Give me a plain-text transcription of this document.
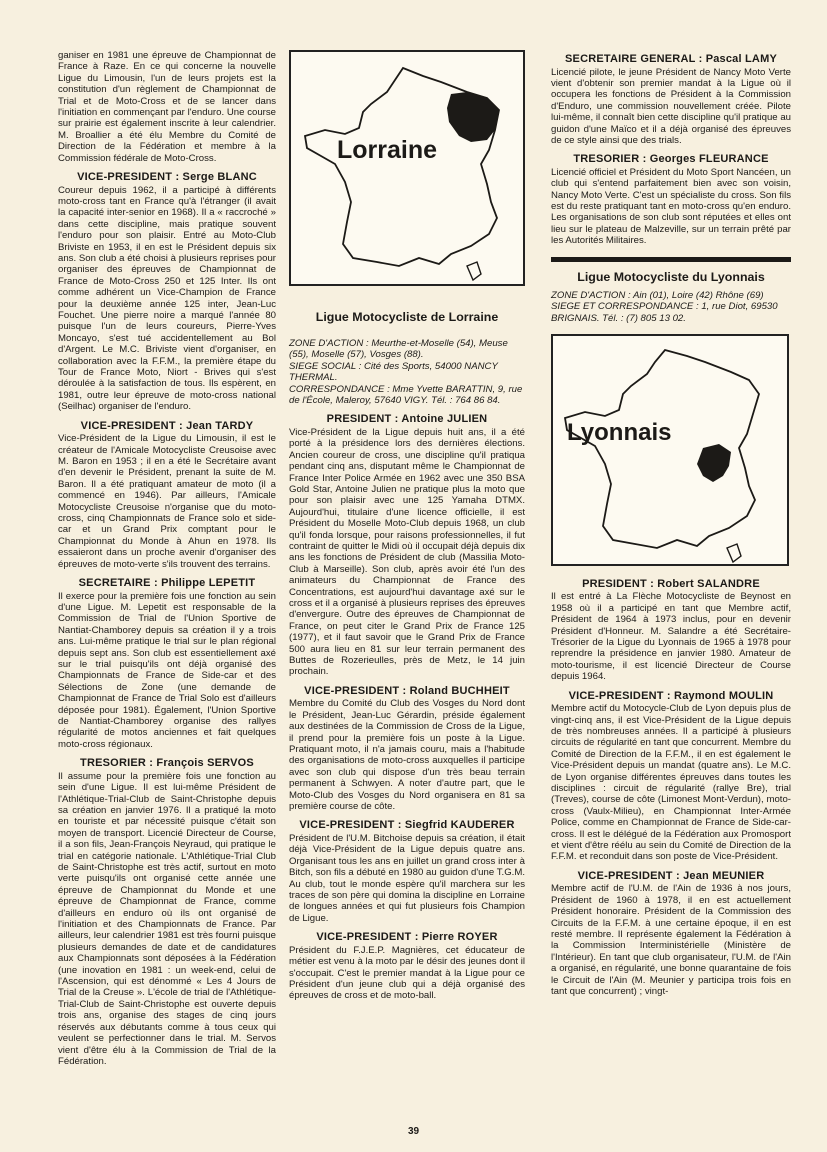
ganiser en 1981 une épreuve de Championnat de France à Raze. En ce qui concerne la nouvelle Ligue du Limousin, l'un de leurs projets est la constitution d'un règlement de Championnat de Trial et de Moto-Cross et de se lancer dans l'initiation en commençant par l'enduro. Une course sur prairie est également inscrite à leur calendrier. M. Broallier a été élu Membre du Comité de Direction de la Fédération et membre à la Commission fédérale de Moto-Cross.

VICE-PRESIDENT : Serge BLANC

Coureur depuis 1962, il a participé à différents moto-cross tant en France qu'à l'étranger (il avait la capacité inter-senior en 1968). Il a « raccroché » dans cette discipline, mais pratique souvent l'enduro pour son plaisir. Entré au Moto-Club Briviste en 1953, il en est le Président depuis six ans. Son club a été choisi à plusieurs reprises pour organiser des épreuves de Championnat de France de Moto-Cross 250 et 125 Inter. Ils ont comme adhérent un Vice-Champion de France pour la deuxième année 125 inter, Jean-Luc Fouchet. Une pierre noire a marqué l'année 80 puisque l'un de leurs coureurs, Pierre-Yves Moncayo, s'est tué accidentellement au Bol d'Argent. Le M.C. Briviste vient d'organiser, en collaboration avec la F.F.M., la première étape du Tour de France Moto, Niort - Brives qui s'est déroulée à la satisfaction de tous. Ils espèrent, en 1981, outre leur épreuve de moto-cross national (Seilhac) organiser de l'enduro.

VICE-PRESIDENT : Jean TARDY

Vice-Président de la Ligue du Limousin, il est le créateur de l'Amicale Motocycliste Creusoise avec M. Baron en 1953 ; il en a été le Secrétaire avant d'en devenir le Président, prenant la suite de M. Baron. Il a été pratiquant amateur de moto (il a commencé en 1946). Par ailleurs, l'Amicale Motocycliste Creusoise n'organise que du moto-cross, cinq Championnats de France solo et side-car et un Grand Prix comptant pour le Championnat du Monde à Ahun en 1978. Ils essaieront dans un proche avenir d'organiser des épreuves de moto-verte s'ils trouvent des terrains.

SECRETAIRE : Philippe LEPETIT

Il exerce pour la première fois une fonction au sein d'une Ligue. M. Lepetit est responsable de la Commission de Trial de l'Union Sportive de Nantiat-Chamborey depuis sa création il y a trois ans. Lui-même pratique le trial sur le plan régional depuis sept ans. Son club est essentiellement axé sur le trial puisqu'ils ont déjà organisé des Championnats de France de Side-car et des Sélections de Zone (une demande de Championnat de France de Trial Solo est d'ailleurs déposée pour 1981). Également, l'Union Sportive de Nantiat-Chamborey organise des rallyes régularité de motos anciennes et fait quelques moto-cross régionaux.

TRESORIER : François SERVOS

Il assume pour la première fois une fonction au sein d'une Ligue. Il est lui-même Président de l'Athlétique-Trial-Club de Saint-Christophe depuis sa création en janvier 1976. Il a pratiqué la moto en touriste et par nécessité puisque c'était son moyen de transport. Licencié Directeur de Course, il a son fils, Jean-François Neyraud, qui pratique le trial en catégorie nationale. L'Athlétique-Trial Club de Saint-Christophe est très actif, surtout en moto verte puisqu'ils ont organisé cette année une épreuve de Championnat du Monde et une épreuve de Championnat de France, comme d'ailleurs en enduro où ils ont organisé de l'initiation et des Championnats de France. Par ailleurs, leur calendrier 1981 est très fourni puisque plusieurs demandes de date et de candidatures aux Championnats sont déposées à la Fédération (une inovation en 1981 : un week-end, celui de l'Ascension, qui est dénommé « Les 4 Jours de Trial de la Creuse ». L'école de trial de l'Athlétique-Trial-Club de Saint-Christophe est ouverte depuis trois ans, organise des stages de cinq jours réservés aux débutants comme à tous ceux qui veulent se perfectionner dans le trial. M. Servos vient d'être élu à la Commission de Trial de la Fédération.

Lorraine
Ligue Motocycliste de Lorraine

ZONE D'ACTION : Meurthe-et-Moselle (54), Meuse (55), Moselle (57), Vosges (88).
SIEGE SOCIAL : Cité des Sports, 54000 NANCY THERMAL.
CORRESPONDANCE : Mme Yvette BARATTIN, 9, rue de l'École, Maleroy, 57640 VIGY. Tél. : 764 86 84.

PRESIDENT : Antoine JULIEN

Vice-Président de la Ligue depuis huit ans, il a été porté à la présidence lors des dernières élections. Ancien coureur de cross, une discipline qu'il pratiqua pendant cinq ans, disputant même le Championnat de France Inter Police Armée en 1962 avec une 350 BSA Gold Star, Antoine Julien ne pratique plus la moto que pour son plaisir avec une 125 Yamaha DTMX. Aujourd'hui, titulaire d'une licence officielle, il est Président du Moselle Moto-Club depuis 1968, un club qu'il fonda lorsque, pour raisons professionnelles, il fut contraint de quitter le Midi où il occupait déjà depuis dix ans les fonctions de Président de club (Massilia Moto-Club à Marseille). Son club, après avoir été l'un des animateurs du Championnat de France des Concentrations, est aujourd'hui davantage axé sur le cross et il a organisé à plusieurs reprises des épreuves d'envergure. Outre des épreuves de Championnat de France, on peut citer le Grand Prix de France 125 (1977), et il faut savoir que le Grand Prix de France 500 aura lieu en 81 sur leur terrain permanent des Buttes de Rozerieulles, près de Metz, le 14 juin prochain.

VICE-PRESIDENT : Roland BUCHHEIT

Membre du Comité du Club des Vosges du Nord dont le Président, Jean-Luc Gérardin, préside également aux destinées de la Commission de Cross de la Ligue, il prend pour la première fois un poste à la Ligue. Pratiquant moto, il n'a jamais couru, mais a l'habitude des organisations de moto-cross auxquelles il participe avec son club qui dispose d'un très beau terrain permanent à Schwyen. A noter d'autre part, que le Moto-Club des Vosges du Nord organisera en 81 sa première course de côte.

VICE-PRESIDENT : Siegfrid KAUDERER

Président de l'U.M. Bitchoise depuis sa création, il était déjà Vice-Président de la Ligue depuis quatre ans. Organisant tous les ans en juillet un grand cross inter à Bitch, son fils a débuté en 1980 au guidon d'une T.G.M. Au club, tout le monde espère qu'il marchera sur les traces de son père qui domina la discipline en Lorraine de longues années et qui fut plusieurs fois Champion de Ligue.

VICE-PRESIDENT : Pierre ROYER

Président du F.J.E.P. Magnières, cet éducateur de métier est venu à la moto par le désir des jeunes dont il s'occupait. C'est le premier mandat à la Ligue pour ce Président d'un jeune club qui a déjà organisé des épreuves de cross et de moto-ball.

SECRETAIRE GENERAL : Pascal LAMY

Licencié pilote, le jeune Président de Nancy Moto Verte vient d'obtenir son premier mandat à la Ligue où il occupera les fonctions de Président à la Commission d'Enduro, une commission nouvellement créée. Pilote lui-même, il connaît bien cette discipline qu'il pratique au guidon d'une Maïco et il a déjà organisé des épreuves de ce style ainsi que des trials.

TRESORIER : Georges FLEURANCE

Licencié officiel et Président du Moto Sport Nancéen, un club qui s'entend parfaitement bien avec son voisin, Nancy Moto Verte. C'est un spécialiste du cross. Son fils est du reste pratiquant tant en moto-cross qu'en enduro. Les organisations de son club sont réputées et elles ont lieu sur le plateau de Malzeville, sur un terrain prêté par les Autorités Militaires.

Ligue Motocycliste du Lyonnais

ZONE D'ACTION : Ain (01), Loire (42) Rhône (69)
SIEGE ET CORRESPONDANCE : 1, rue Diot, 69530 BRIGNAIS. Tél. : (7) 805 13 02.

Lyonnais
PRESIDENT : Robert SALANDRE

Il est entré à La Flèche Motocycliste de Beynost en 1958 où il a participé en tant que Membre actif, Président de 1964 à 1973 inclus, pour en devenir Président d'Honneur. M. Salandre a été Secrétaire-Trésorier de la Ligue du Lyonnais de 1965 à 1978 pour reprendre la présidence en janvier 1980. Amateur de moto-tourisme, il est licencié Directeur de Course depuis 1964.

VICE-PRESIDENT : Raymond MOULIN

Membre actif du Motocycle-Club de Lyon depuis plus de vingt-cinq ans, il est Vice-Président de la Ligue depuis de très nombreuses années. Il a participé à plusieurs circuits de régularité en tant que concurrent. Membre du Comité de Direction de la F.F.M., il en est également le Vice-Président depuis un mandat (quatre ans). Le M.C. de Lyon organise différentes épreuves dans toutes les disciplines : circuit de régularité (rallye Bre), trial (Treves), course de côte (Limonest Mont-Verdun), moto-cross (Vaulx-Milieu), en Championnat Inter-Armée Police, comme en Championnat de France de Side-car-cross. Il est le délégué de la Fédération aux Promosport et vient d'être réélu au sein du Comité de Direction de la F.F.M. et reconduit dans son poste de Vice-Président.

VICE-PRESIDENT : Jean MEUNIER

Membre actif de l'U.M. de l'Ain de 1936 à nos jours, Président de 1960 à 1978, il en est actuellement Président honoraire. Président de la Commission des Circuits de la F.F.M. à une certaine époque, il en est resté membre. Il représente également la Fédération à la Commission Interministérielle (Ministère de l'Intérieur). En tant que club organisateur, l'U.M. de l'Ain a organisé, en régularité, une bonne quarantaine de fois le Circuit de l'Ain (M. Meunier y participa trois fois en tant que concurrent) ; vingt-

39
